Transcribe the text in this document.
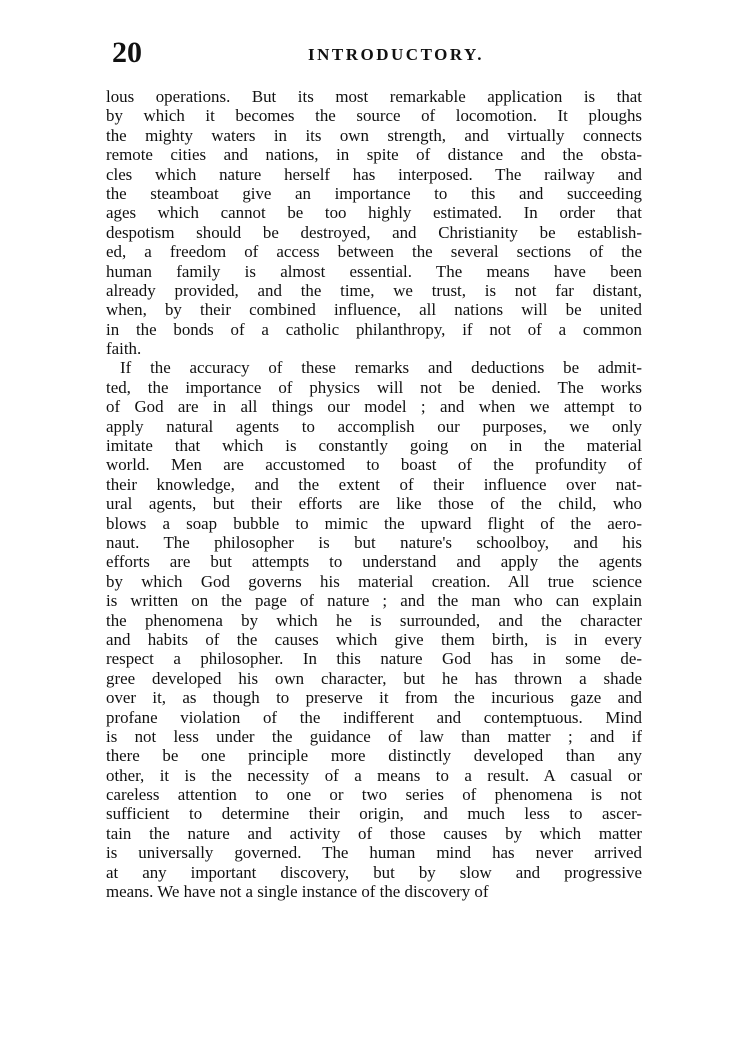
20	INTRODUCTORY.
lous operations. But its most remarkable application is that
by which it becomes the source of locomotion. It ploughs
the mighty waters in its own strength, and virtually connects
remote cities and nations, in spite of distance and the obsta-
cles which nature herself has interposed. The railway and
the steamboat give an importance to this and succeeding
ages which cannot be too highly estimated. In order that
despotism should be destroyed, and Christianity be establish-
ed, a freedom of access between the several sections of the
human family is almost essential. The means have been
already provided, and the time, we trust, is not far distant,
when, by their combined influence, all nations will be united
in the bonds of a catholic philanthropy, if not of a common
faith.
If the accuracy of these remarks and deductions be admit-
ted, the importance of physics will not be denied. The works
of God are in all things our model ; and when we attempt to
apply natural agents to accomplish our purposes, we only
imitate that which is constantly going on in the material
world. Men are accustomed to boast of the profundity of
their knowledge, and the extent of their influence over nat-
ural agents, but their efforts are like those of the child, who
blows a soap bubble to mimic the upward flight of the aero-
naut. The philosopher is but nature's schoolboy, and his
efforts are but attempts to understand and apply the agents
by which God governs his material creation. All true science
is written on the page of nature ; and the man who can explain
the phenomena by which he is surrounded, and the character
and habits of the causes which give them birth, is in every
respect a philosopher. In this nature God has in some de-
gree developed his own character, but he has thrown a shade
over it, as though to preserve it from the incurious gaze and
profane violation of the indifferent and contemptuous. Mind
is not less under the guidance of law than matter ; and if
there be one principle more distinctly developed than any
other, it is the necessity of a means to a result. A casual or
careless attention to one or two series of phenomena is not
sufficient to determine their origin, and much less to ascer-
tain the nature and activity of those causes by which matter
is universally governed. The human mind has never arrived
at any important discovery, but by slow and progressive
means. We have not a single instance of the discovery of
